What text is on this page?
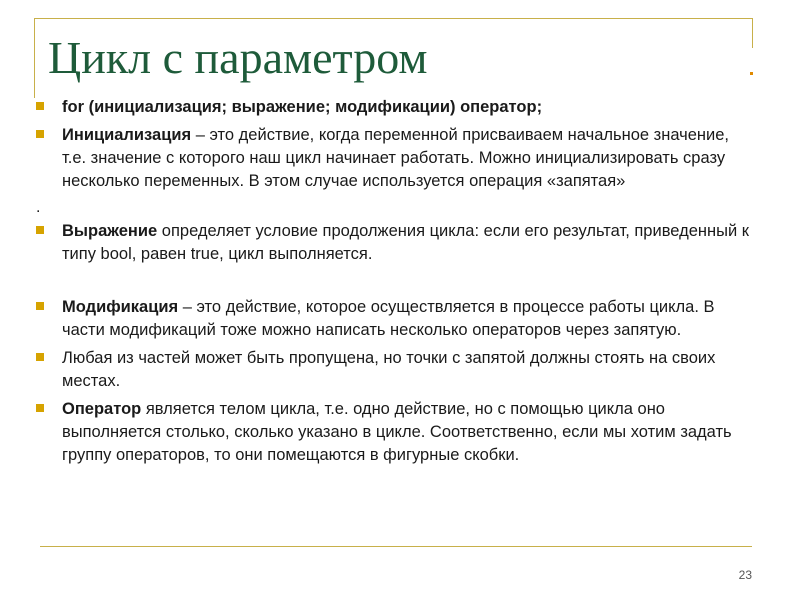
Цикл с параметром
for (инициализация; выражение; модификации) оператор;
Инициализация – это действие, когда переменной присваиваем начальное значение, т.е. значение с которого наш цикл начинает работать. Можно инициализировать сразу несколько переменных. В этом случае используется операция «запятая»
.
Выражение определяет условие продолжения цикла: если его результат, приведенный к типу bool, равен true, цикл выполняется.
Модификация – это действие, которое осуществляется в процессе работы цикла. В части модификаций тоже можно написать несколько операторов через запятую.
Любая из частей может быть пропущена, но точки с запятой должны стоять на своих местах.
Оператор является телом цикла, т.е. одно действие, но с помощью цикла оно выполняется столько, сколько указано в цикле. Соответственно, если мы хотим задать группу операторов, то они помещаются в фигурные скобки.
23
